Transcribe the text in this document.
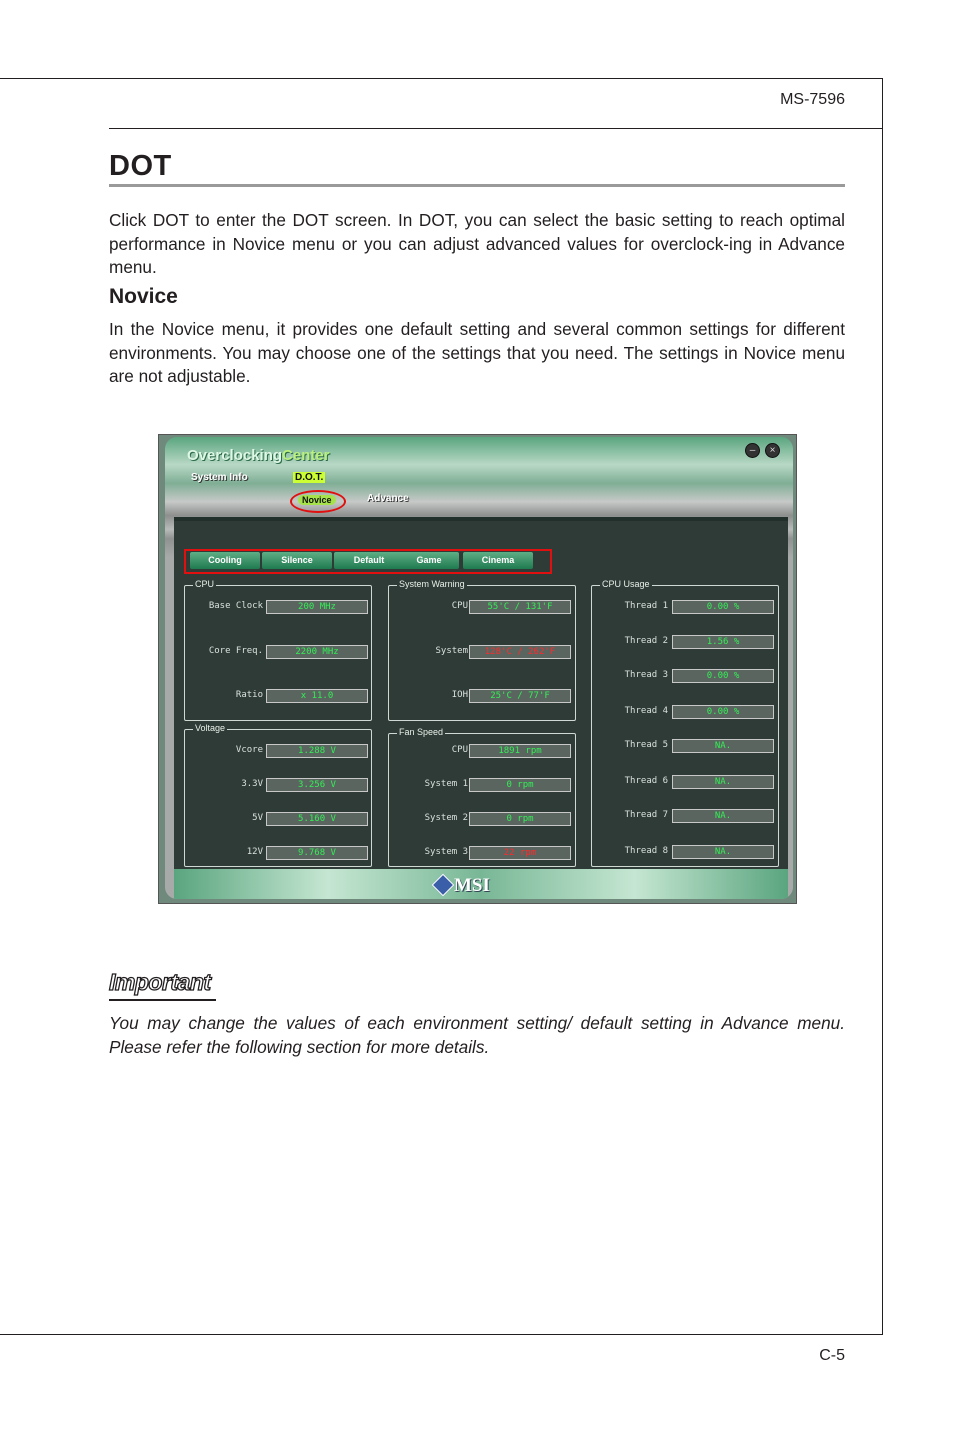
MS-7596
DOT

Click DOT to enter the DOT screen. In DOT, you can select the basic setting to reach optimal performance in Novice menu or you can adjust advanced values for overclock-ing in Advance menu.

Novice

In the Novice menu, it provides one default setting and several common settings for different environments. You may choose one of the settings that you need. The settings in Novice menu are not adjustable.

OverclockingCenter	–	×
System Info	D.O.T.
Novice	Advance
Cooling	Silence	Default	Game	Cinema
CPU
Base Clock	200 MHz
Core Freq.	2200 MHz
Ratio	x 11.0
System Warning
CPU	55'C / 131'F
System	128'C / 262'F
IOH	25'C / 77'F
CPU Usage
Thread 1	0.00 %
Thread 2	1.56 %
Thread 3	0.00 %
Thread 4	0.00 %
Thread 5	NA.
Thread 6	NA.
Thread 7	NA.
Thread 8	NA.
Voltage
Vcore	1.288 V
3.3V	3.256 V
5V	5.160 V
12V	9.768 V
Fan Speed
CPU	1891 rpm
System 1	0 rpm
System 2	0 rpm
System 3	22 rpm
MSI
Important

You may change the values of each environment setting/ default setting in Advance menu. Please refer the following section for more details.

C-5
